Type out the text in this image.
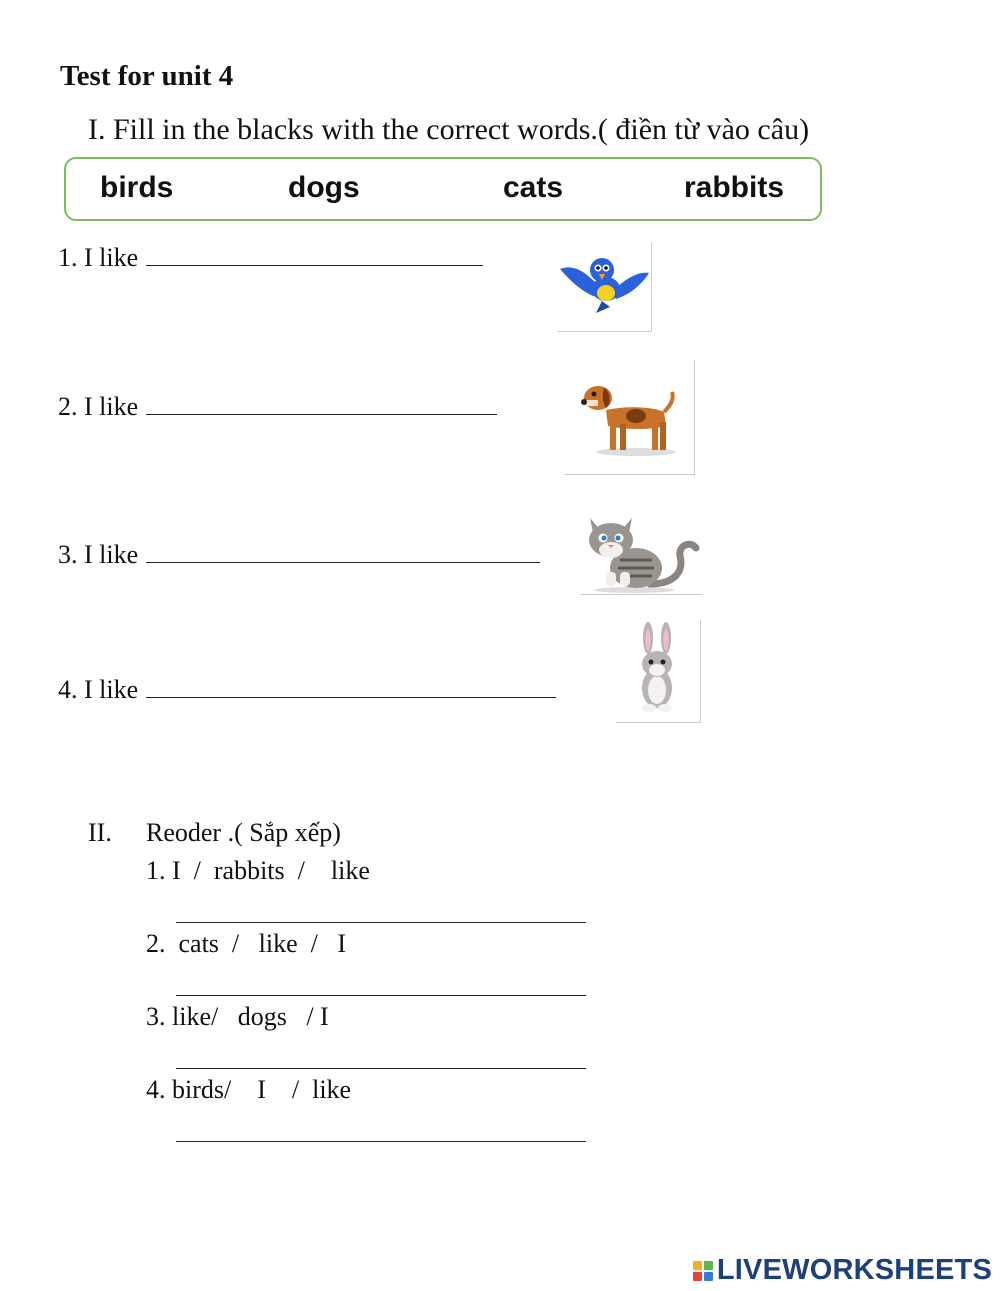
Test for unit 4
I. Fill in the blacks with the correct words.( điền từ vào câu)
birds	dogs	cats	rabbits
1. I like
2. I like
3. I like
4. I like
II. Reoder .( Sắp xếp)
1. I  /  rabbits  /    like
2.  cats  /   like  /   I
3. like/   dogs   / I
4. birds/    I    /  like
LIVEWORKSHEETS
